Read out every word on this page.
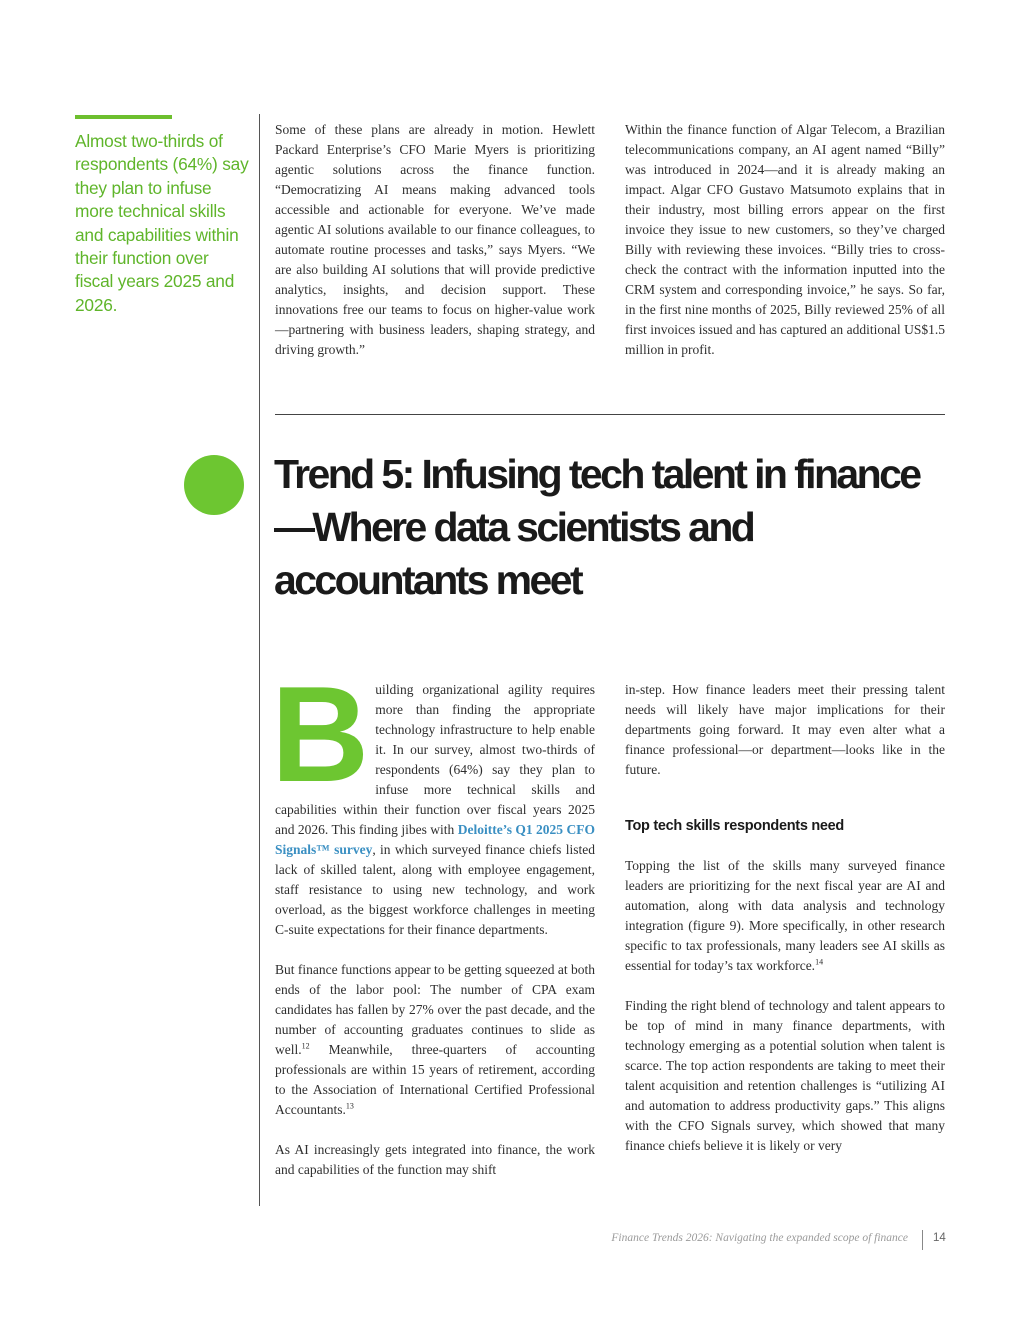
Almost two-thirds of respondents (64%) say they plan to infuse more technical skills and capabilities within their function over fiscal years 2025 and 2026.

Some of these plans are already in motion. Hewlett Packard Enterprise’s CFO Marie Myers is prioritizing agentic solutions across the finance function. “Democratizing AI means making advanced tools accessible and actionable for everyone. We’ve made agentic AI solutions available to our finance colleagues, to automate routine processes and tasks,” says Myers. “We are also building AI solutions that will provide predictive analytics, insights, and decision support. These innovations free our teams to focus on higher-value work—partnering with business leaders, shaping strategy, and driving growth.”

Within the finance function of Algar Telecom, a Brazilian telecommunications company, an AI agent named “Billy” was introduced in 2024—and it is already making an impact. Algar CFO Gustavo Matsumoto explains that in their industry, most billing errors appear on the first invoice they issue to new customers, so they’ve charged Billy with reviewing these invoices. “Billy tries to cross-check the contract with the information inputted into the CRM system and corresponding invoice,” he says. So far, in the first nine months of 2025, Billy reviewed 25% of all first invoices issued and has captured an additional US$1.5 million in profit.

Trend 5: Infusing tech talent in finance—Where data scientists and accountants meet

Building organizational agility requires more than finding the appropriate technology infrastructure to help enable it. In our survey, almost two-thirds of respondents (64%) say they plan to infuse more technical skills and capabilities within their function over fiscal years 2025 and 2026. This finding jibes with Deloitte’s Q1 2025 CFO Signals™ survey, in which surveyed finance chiefs listed lack of skilled talent, along with employee engagement, staff resistance to using new technology, and work overload, as the biggest workforce challenges in meeting C-suite expectations for their finance departments.

But finance functions appear to be getting squeezed at both ends of the labor pool: The number of CPA exam candidates has fallen by 27% over the past decade, and the number of accounting graduates continues to slide as well.$^{12}$ Meanwhile, three-quarters of accounting professionals are within 15 years of retirement, according to the Association of International Certified Professional Accountants.$^{13}$

As AI increasingly gets integrated into finance, the work and capabilities of the function may shift

in-step. How finance leaders meet their pressing talent needs will likely have major implications for their departments going forward. It may even alter what a finance professional—or department—looks like in the future.

Top tech skills respondents need

Topping the list of the skills many surveyed finance leaders are prioritizing for the next fiscal year are AI and automation, along with data analysis and technology integration (figure 9). More specifically, in other research specific to tax professionals, many leaders see AI skills as essential for today’s tax workforce.$^{14}$

Finding the right blend of technology and talent appears to be top of mind in many finance departments, with technology emerging as a potential solution when talent is scarce. The top action respondents are taking to meet their talent acquisition and retention challenges is “utilizing AI and automation to address productivity gaps.” This aligns with the CFO Signals survey, which showed that many finance chiefs believe it is likely or very

Finance Trends 2026: Navigating the expanded scope of finance 14
